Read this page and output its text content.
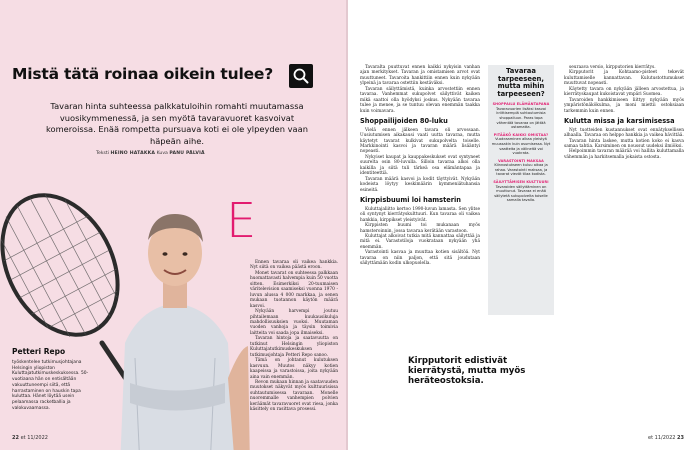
Mistä tätä roinaa oikein tulee?

Tavaran hinta suhteessa palkkatuloihin romahti muutamassa vuosikymmenessä, ja sen myötä tavaravuoret kasvoivat komeroissa. Enää rompetta pursuava koti ei ole ylpeyden vaan häpeän aihe.

Teksti HEINO HATAKKA Kuva PANU PÄLVIÄ
Petteri Repo

työskentelee tutkimusjohtajana Helsingin yliopiston Kuluttajatutkimuskeskuksessa. 50-vuotiaana hän on entisältään vakuuttuneempi siitä, että harrastaminen on hauskin tapa kuluttaa. Hänet löytää usein pelaamassa racketballia ja valokuvaamassa.

E

Ennen tavaraa oli vaikea hankkia. Nyt siitä on vaikea päästä eroon.

Monet tavarat on suhteessa palkkaan huomattavasti halvempia kuin 50 vuotta sitten. Esimerkiksi 20-tuumaisen väritelevision saamiseksi vuonna 1970 -luvun alussa 4 000 markkaa, ja senen mukaan tuotannon käytön määrä kasvoi.

Nykyään harvempi joutuu pihtailemaan kuukausikuluja mahdollisuuksien vuoksi. Muutaman vuoden vanhoja ja täysin toimivia laitteita voi saada jopa ilmaiseksi.

Tavaran hintoja ja saatavuutta on tutkinut Helsingin yliopiston Kuluttajatutkimuskeskuksen tutkimusjohtaja Petteri Repo sanoo.

Tämä on johtanut kulutuksen kasvuun. Muutos näkyy kotien kaapeissa ja varastoissa, joita nykyään aina vain enemmän.

Revon mukaan hinnan ja saatavuuden muutokset näkyvät myös kulttuurisissa suhtautumisessa tavaraan. Monelle nuoremmalle vanhempien polvien keräämät tavaravuoret ovat riesa, jonka käsittely on rasittava prosessi.

22 et 11/2022

Tavaralta puuttuvat ennen kaikki nykyisin vanhan ajan merkitykset. Tavaran ja omistamisen arvot ovat muuttuneet. Tavaroita hankittiin ennen kuin nykyään ylpeinä ja tavaraa ostettiin kestäväksi.

Tavaran säilyttämistä, kuinka arvostettiin ennen tavaraa. Vanhemmat sukupolvet säilyttivät kaiken mikä saattoi olla hyödyksi joskus. Nykyään tavaraa tulee ja menee, ja se tuntuu olevan enemmän taakka kuin voimavara.

Shoppailijoiden 80-luku

Vielä ennen jälkeen tavara oli arvossaan. Uusiutumisen aikakausi vaati uutta tavaraa, mutta käytetyt tavarat kulkivat sukupolvelta toiselle. Markkinointi kasvoi ja tavaran määrä lisääntyi nopeasti.

Nykyiset kaupat ja kauppakeskukset ovat syntyneet suurelta osin 80-luvulla. Silloin tavaraa alkoi olla kaikilla ja siitä tuli tärkeä osa elämäntapaa ja identiteettiä.

Tavaran määrä kasvoi ja kodit täyttyivät. Nykyään kodeista löytyy keskimäärin kymmeniätuhansia esineitä.

Kirppisbuumi loi hamsterin

Kuluttajaliitto kertoo 1990-luvun lamasta. Sen ylitse oli syntynyt kierrätyskulttuuri. Kun tavaraa oli vaikea hankkia, kirppikset yleistyivät.

Kirppisten buumi toi mukanaan myös hamsteroinnin, jossa tavaraa kerätään varastoon.

Kuluttajat alkoivat tutkia mitä kannattaa säilyttää ja mitä ei. Varastotiloja vuokrataan nykyään yhä enemmän.

Varastointi kasvaa ja muuttaa kotien sisältöä. Nyt tavaraa on niin paljon, että sitä joudutaan säilyttämään kodin ulkopuolella.

Tavaraa tarpeeseen, mutta mihin tarpeeseen?
SHOPPAILU ELÄMÄNTAPANA

Tavaravuorien lisäksi kasvoi kriittisempiä suhtautumisia shoppailuun. Paras tapa vähentää tavaraa on jättää ostamatta.

PITÄÄKÖ KAIKKI OMISTAA?

Vuokraaminen alkaa yleistyä muussakin kuin asumisessa. Nyt vaatteita ja välineitä voi vuokrata.

VARASTOINTI MAKSAA

Kiinnostukseen kuluu aikaa ja rahaa. Varastointi maksaa, ja tavarat vievät tilaa kodista.

SÄILYTTÄMISEN KULTTUURI

Tavaroiden säilyttäminen on muuttunut. Tavaraa ei enää säilytetä sukupolvelta toiselle samalla tavalla.

seuraava versio, kirpputorien kierrätys.

Kirpputorit ja Kohtaamo-pisteet tekevät kuluttamiselle kannattavan. Kulutustottumukset muuttuvat nopeasti.

Käytetty tavara on nykyään jälleen arvostettua, ja kierrätyskaupat kukoistavat ympäri Suomea.

Tavaroiden hankkimiseen liittyy nykyään myös ympäristönäkökulma, ja moni miettii ostoksiaan tarkemmin kuin ennen.

Kulutta missa ja karsimisessa

Nyt tuotteiden kustannukset ovat ennätyksellisen alhaalla. Tavaraa on helppo hankkia ja vaikea hävittää.

Tavaran hinta laskee, mutta kotien koko ei kasva samaa tahtia. Karsiminen on noussut uudeksi ilmiöksi.

Helpoimmin tavaran määrää voi hallita kuluttamalla vähemmän ja harkitsemalla jokaista ostosta.

Kirpputorit edistivät kierrätystä, mutta myös heräteostoksia.

et 11/2022 23
